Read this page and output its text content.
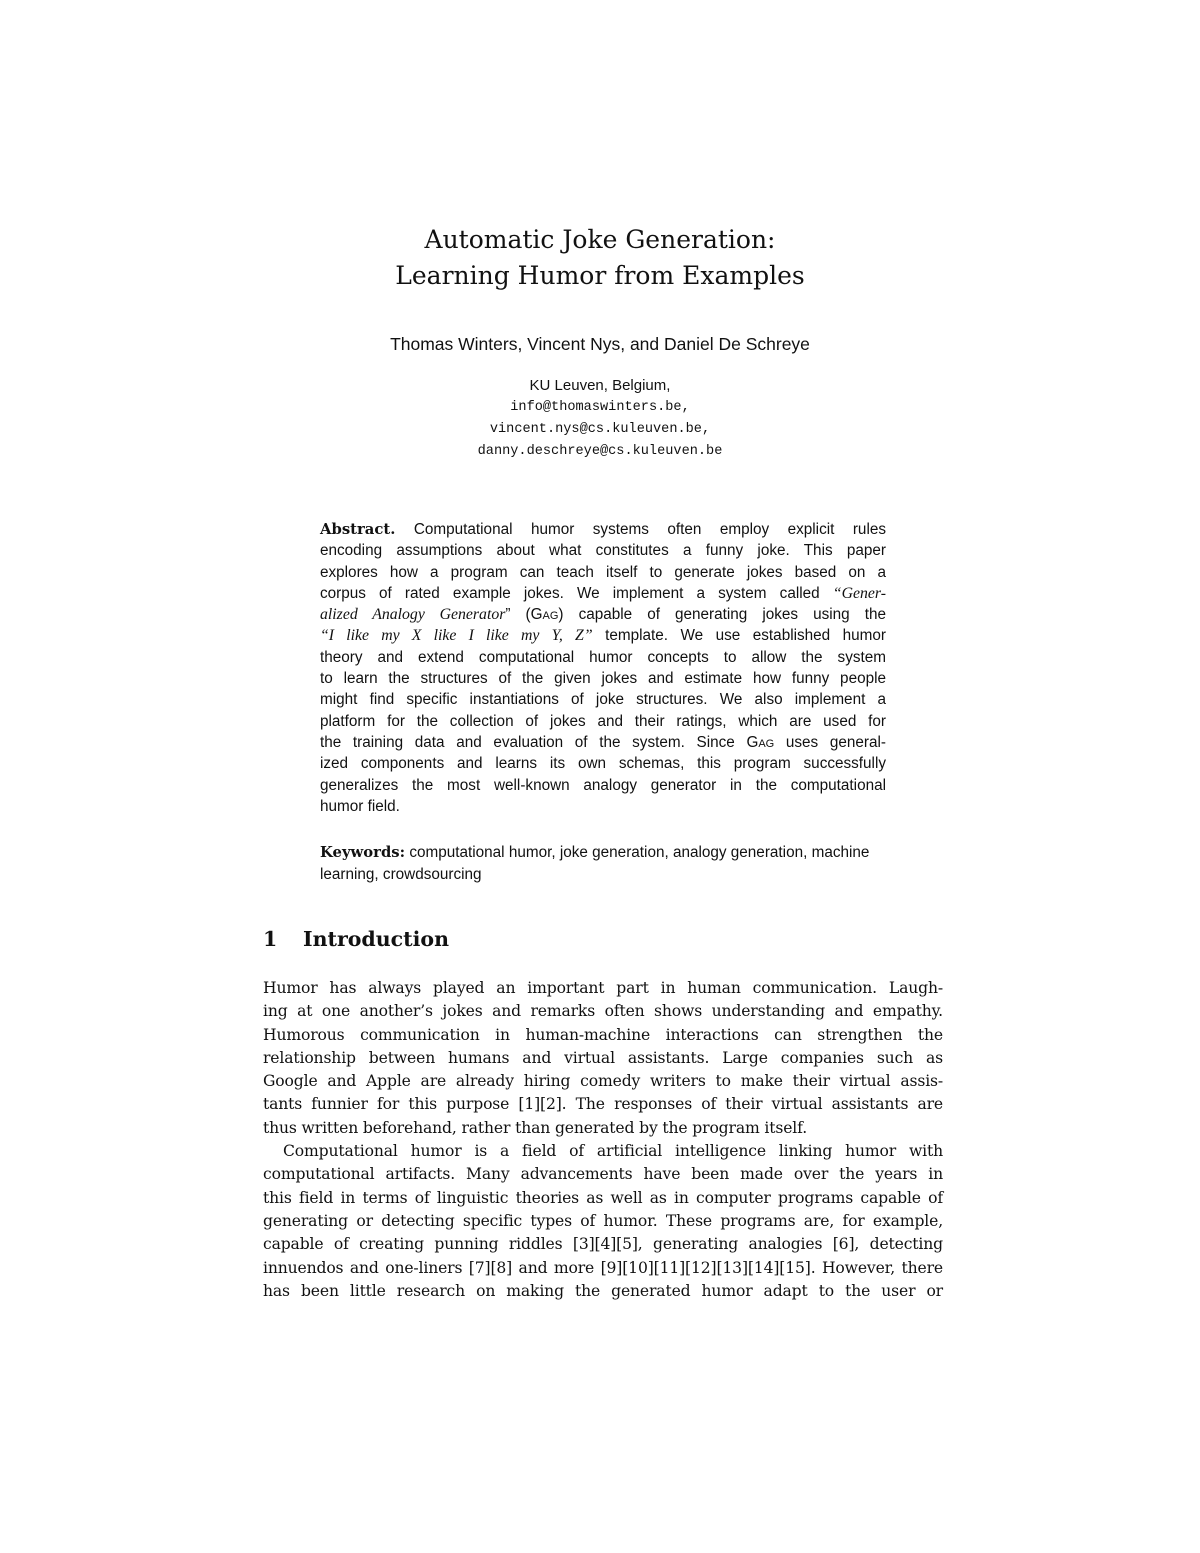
Automatic Joke Generation:
Learning Humor from Examples
Thomas Winters, Vincent Nys, and Daniel De Schreye
KU Leuven, Belgium,
info@thomaswinters.be,
vincent.nys@cs.kuleuven.be,
danny.deschreye@cs.kuleuven.be
Abstract. Computational humor systems often employ explicit rules
encoding assumptions about what constitutes a funny joke. This paper
explores how a program can teach itself to generate jokes based on a
corpus of rated example jokes. We implement a system called “Gener-
alized Analogy Generator” (Gag) capable of generating jokes using the
“I like my X like I like my Y, Z” template. We use established humor
theory and extend computational humor concepts to allow the system
to learn the structures of the given jokes and estimate how funny people
might find specific instantiations of joke structures. We also implement a
platform for the collection of jokes and their ratings, which are used for
the training data and evaluation of the system. Since Gag uses general-
ized components and learns its own schemas, this program successfully
generalizes the most well-known analogy generator in the computational
humor field.
Keywords: computational humor, joke generation, analogy generation, machine learning, crowdsourcing
1 Introduction
Humor has always played an important part in human communication. Laugh-
ing at one another’s jokes and remarks often shows understanding and empathy.
Humorous communication in human-machine interactions can strengthen the
relationship between humans and virtual assistants. Large companies such as
Google and Apple are already hiring comedy writers to make their virtual assis-
tants funnier for this purpose [1][2]. The responses of their virtual assistants are
thus written beforehand, rather than generated by the program itself.
Computational humor is a field of artificial intelligence linking humor with
computational artifacts. Many advancements have been made over the years in
this field in terms of linguistic theories as well as in computer programs capable of
generating or detecting specific types of humor. These programs are, for example,
capable of creating punning riddles [3][4][5], generating analogies [6], detecting
innuendos and one-liners [7][8] and more [9][10][11][12][13][14][15]. However, there
has been little research on making the generated humor adapt to the user or
